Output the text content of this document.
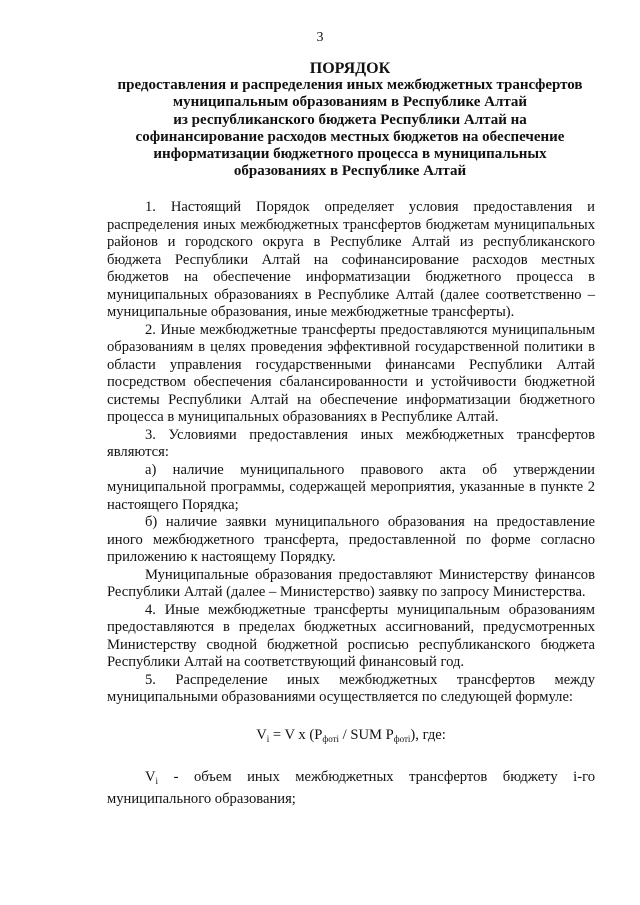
3
ПОРЯДОК
предоставления и распределения иных межбюджетных трансфертов
муниципальным образованиям в Республике Алтай
из республиканского бюджета Республики Алтай на
софинансирование расходов местных бюджетов на обеспечение
информатизации бюджетного процесса в муниципальных
образованиях в Республике Алтай

1. Настоящий Порядок определяет условия предоставления и распределения иных межбюджетных трансфертов бюджетам муниципальных районов и городского округа в Республике Алтай из республиканского бюджета Республики Алтай на софинансирование расходов местных бюджетов на обеспечение информатизации бюджетного процесса в муниципальных образованиях в Республике Алтай (далее соответственно – муниципальные образования, иные межбюджетные трансферты).

2. Иные межбюджетные трансферты предоставляются муниципальным образованиям в целях проведения эффективной государственной политики в области управления государственными финансами Республики Алтай посредством обеспечения сбалансированности и устойчивости бюджетной системы Республики Алтай на обеспечение информатизации бюджетного процесса в муниципальных образованиях в Республике Алтай.

3. Условиями предоставления иных межбюджетных трансфертов являются:

а) наличие муниципального правового акта об утверждении муниципальной программы, содержащей мероприятия, указанные в пункте 2 настоящего Порядка;

б) наличие заявки муниципального образования на предоставление иного межбюджетного трансферта, предоставленной по форме согласно приложению к настоящему Порядку.

Муниципальные образования предоставляют Министерству финансов Республики Алтай (далее – Министерство) заявку по запросу Министерства.

4. Иные межбюджетные трансферты муниципальным образованиям предоставляются в пределах бюджетных ассигнований, предусмотренных Министерству сводной бюджетной росписью республиканского бюджета Республики Алтай на соответствующий финансовый год.

5. Распределение иных межбюджетных трансфертов между муниципальными образованиями осуществляется по следующей формуле:

$V_i = V$ x ($P_{фотi}$ / SUM $P_{фотi}$), где:

$V_i$ - объем иных межбюджетных трансфертов бюджету i-го муниципального образования;
